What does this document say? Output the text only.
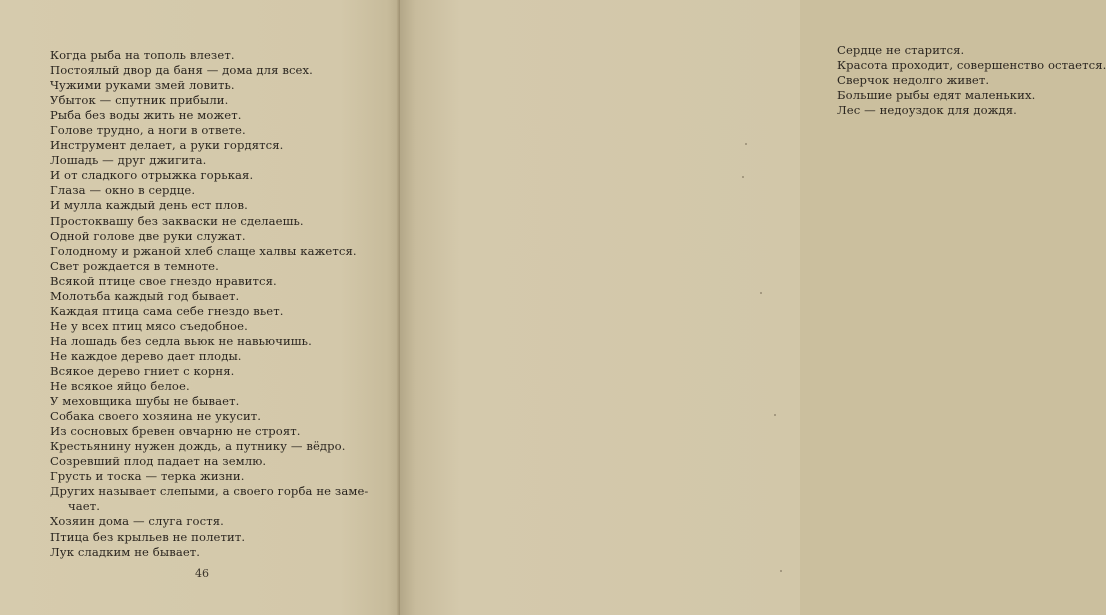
Когда рыба на тополь влезет.
Постоялый двор да баня — дома для всех.
Чужими руками змей ловить.
Убыток — спутник прибыли.
Рыба без воды жить не может.
Голове трудно, а ноги в ответе.
Инструмент делает, а руки гордятся.
Лошадь — друг джигита.
И от сладкого отрыжка горькая.
Глаза — окно в сердце.
И мулла каждый день ест плов.
Простоквашу без закваски не сделаешь.
Одной голове две руки служат.
Голодному и ржаной хлеб слаще халвы кажется.
Свет рождается в темноте.
Всякой птице свое гнездо нравится.
Молотьба каждый год бывает.
Каждая птица сама себе гнездо вьет.
Не у всех птиц мясо съедобное.
На лошадь без седла вьюк не навьючишь.
Не каждое дерево дает плоды.
Всякое дерево гниет с корня.
Не всякое яйцо белое.
У меховщика шубы не бывает.
Собака своего хозяина не укусит.
Из сосновых бревен овчарню не строят.
Крестьянину нужен дождь, а путнику — вёдро.
Созревший плод падает на землю.
Грусть и тоска — терка жизни.
Других называет слепыми, а своего горба не заме-
чает.
Хозяин дома — слуга гостя.
Птица без крыльев не полетит.
Лук сладким не бывает.
46
Сердце не старится.
Красота проходит, совершенство остается.
Сверчок недолго живет.
Большие рыбы едят маленьких.
Лес — недоуздок для дождя.
